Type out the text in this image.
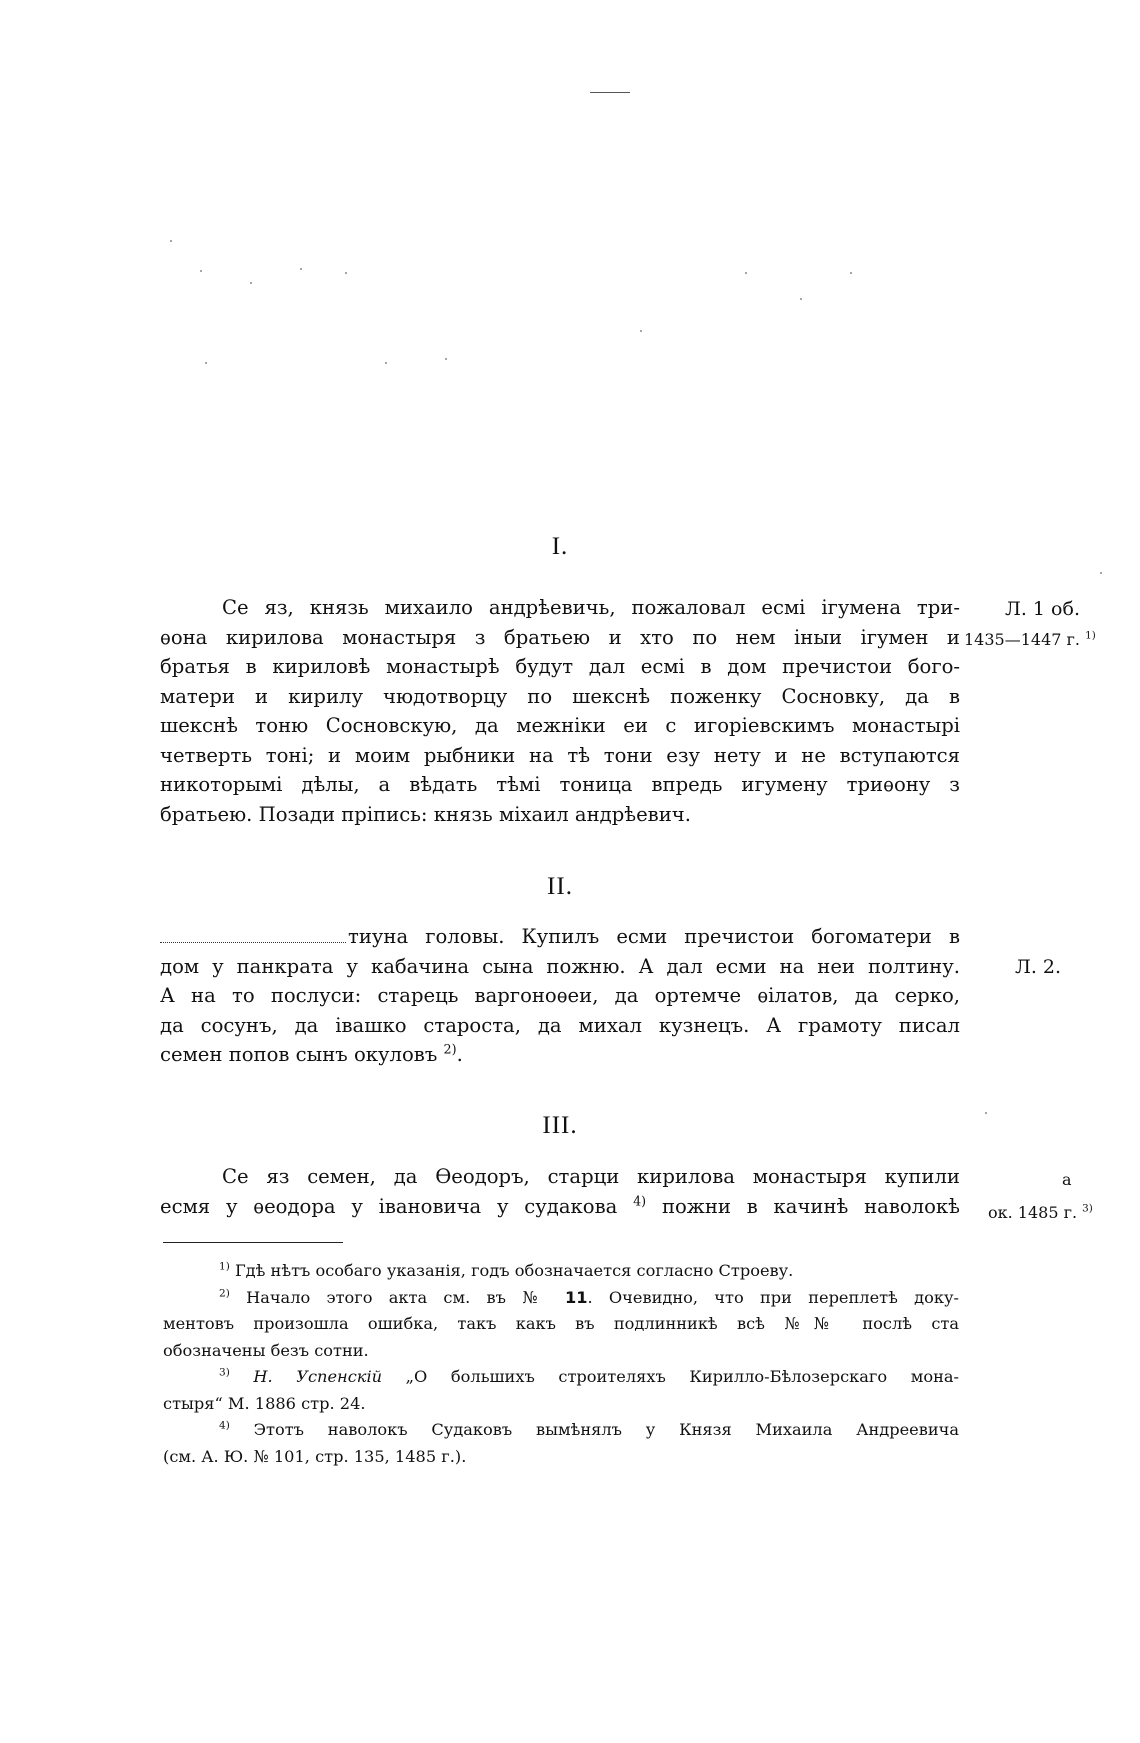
I.
Се яз, князь михаило андрѣевичь, пожаловал есмі ігумена три-
ѳона кирилова монастыря з братьею и хто по нем іныи ігумен и
братья в кириловѣ монастырѣ будут дал есмі в дом пречистои бого-
матери и кирилу чюдотворцу по шекснѣ поженку Сосновку, да в
шекснѣ тоню Сосновскую, да межніки еи с игоріевскимъ монастырі
четверть тоні; и моим рыбники на тѣ тони езу нету и не вступаются
никоторымі дѣлы, а вѣдать тѣмі тоница впредь игумену триѳону з
братьею. Позади пріпись: князь міхаил андрѣевич.
Л. 1 об.
1435—1447 г. $^{1)}$
II.
тиуна головы. Купилъ есми пречистои богоматери в
дом у панкрата у кабачина сына пожню. А дал есми на неи полтину.
А на то послуси: старець варгоноѳеи, да ортемче ѳілатов, да серко,
да сосунъ, да івашко староста, да михал кузнецъ. А грамоту писал
семен попов сынъ окуловъ $^{2)}$.
Л. 2.
III.
Се яз семен, да Ѳеодоръ, старци кирилова монастыря купили
есмя у ѳеодора у івановича у судакова $^{4)}$ пожни в качинѣ наволокѣ
а
ок. 1485 г. $^{3)}$
$^{1)}$ Гдѣ нѣтъ особаго указанія, годъ обозначается согласно Строеву.
$^{2)}$ Начало этого акта см. въ № 11. Очевидно, что при переплетѣ доку-
ментовъ произошла ошибка, такъ какъ въ подлинникѣ всѣ №№ послѣ ста
обозначены безъ сотни.
$^{3)}$ Н. Успенскій „О большихъ строителяхъ Кирилло-Бѣлозерскаго мона-
стыря“ М. 1886 стр. 24.
$^{4)}$ Этотъ наволокъ Судаковъ вымѣнялъ у Князя Михаила Андреевича
(см. А. Ю. № 101, стр. 135, 1485 г.).
